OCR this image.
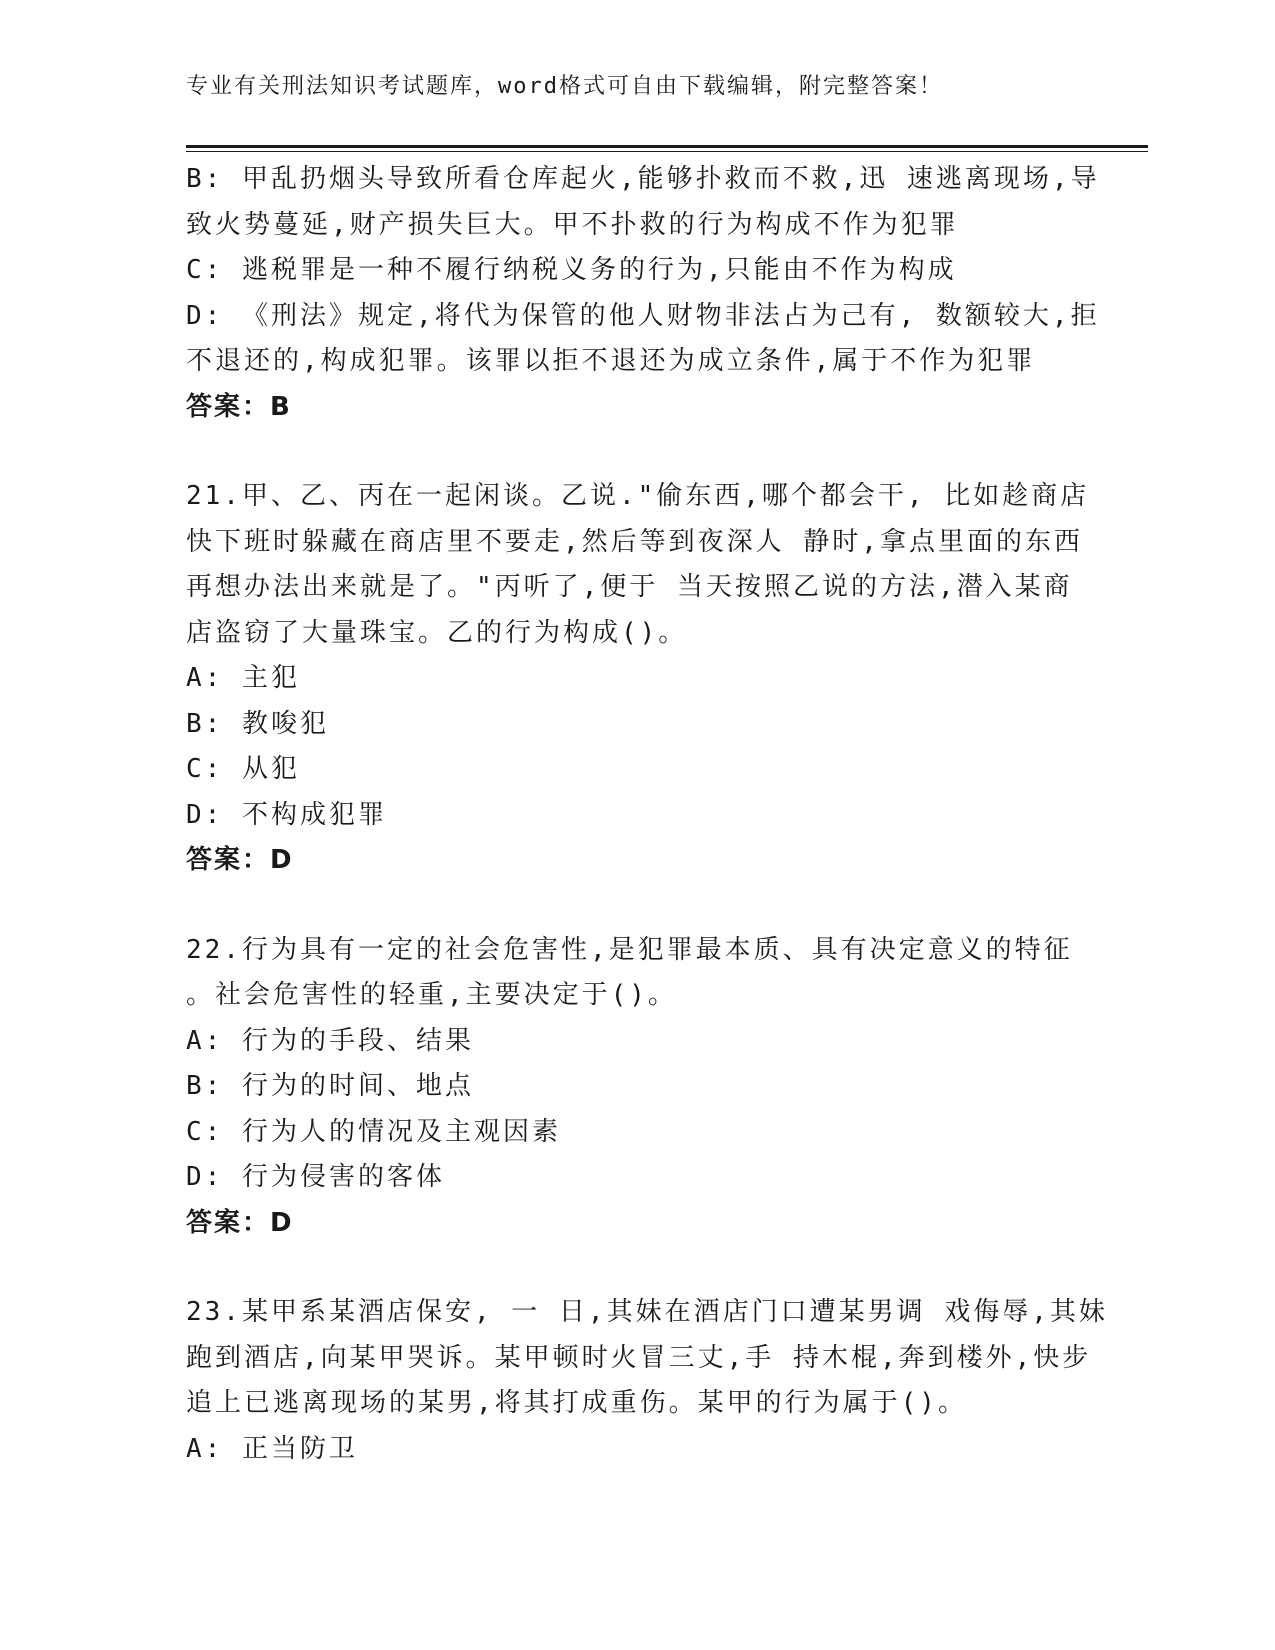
专业有关刑法知识考试题库，word格式可自由下载编辑，附完整答案！
B: 甲乱扔烟头导致所看仓库起火,能够扑救而不救,迅 速逃离现场,导
致火势蔓延,财产损失巨大。甲不扑救的行为构成不作为犯罪
C: 逃税罪是一种不履行纳税义务的行为,只能由不作为构成
D: 《刑法》规定,将代为保管的他人财物非法占为己有, 数额较大,拒
不退还的,构成犯罪。该罪以拒不退还为成立条件,属于不作为犯罪
答案：B
21.甲、乙、丙在一起闲谈。乙说."偷东西,哪个都会干, 比如趁商店
快下班时躲藏在商店里不要走,然后等到夜深人 静时,拿点里面的东西
再想办法出来就是了。"丙听了,便于 当天按照乙说的方法,潜入某商
店盗窃了大量珠宝。乙的行为构成()。
A: 主犯
B: 教唆犯
C: 从犯
D: 不构成犯罪
答案：D
22.行为具有一定的社会危害性,是犯罪最本质、具有决定意义的特征
。社会危害性的轻重,主要决定于()。
A: 行为的手段、结果
B: 行为的时间、地点
C: 行为人的情况及主观因素
D: 行为侵害的客体
答案：D
23.某甲系某酒店保安, 一 日,其妹在酒店门口遭某男调 戏侮辱,其妹
跑到酒店,向某甲哭诉。某甲顿时火冒三丈,手 持木棍,奔到楼外,快步
追上已逃离现场的某男,将其打成重伤。某甲的行为属于()。
A: 正当防卫
